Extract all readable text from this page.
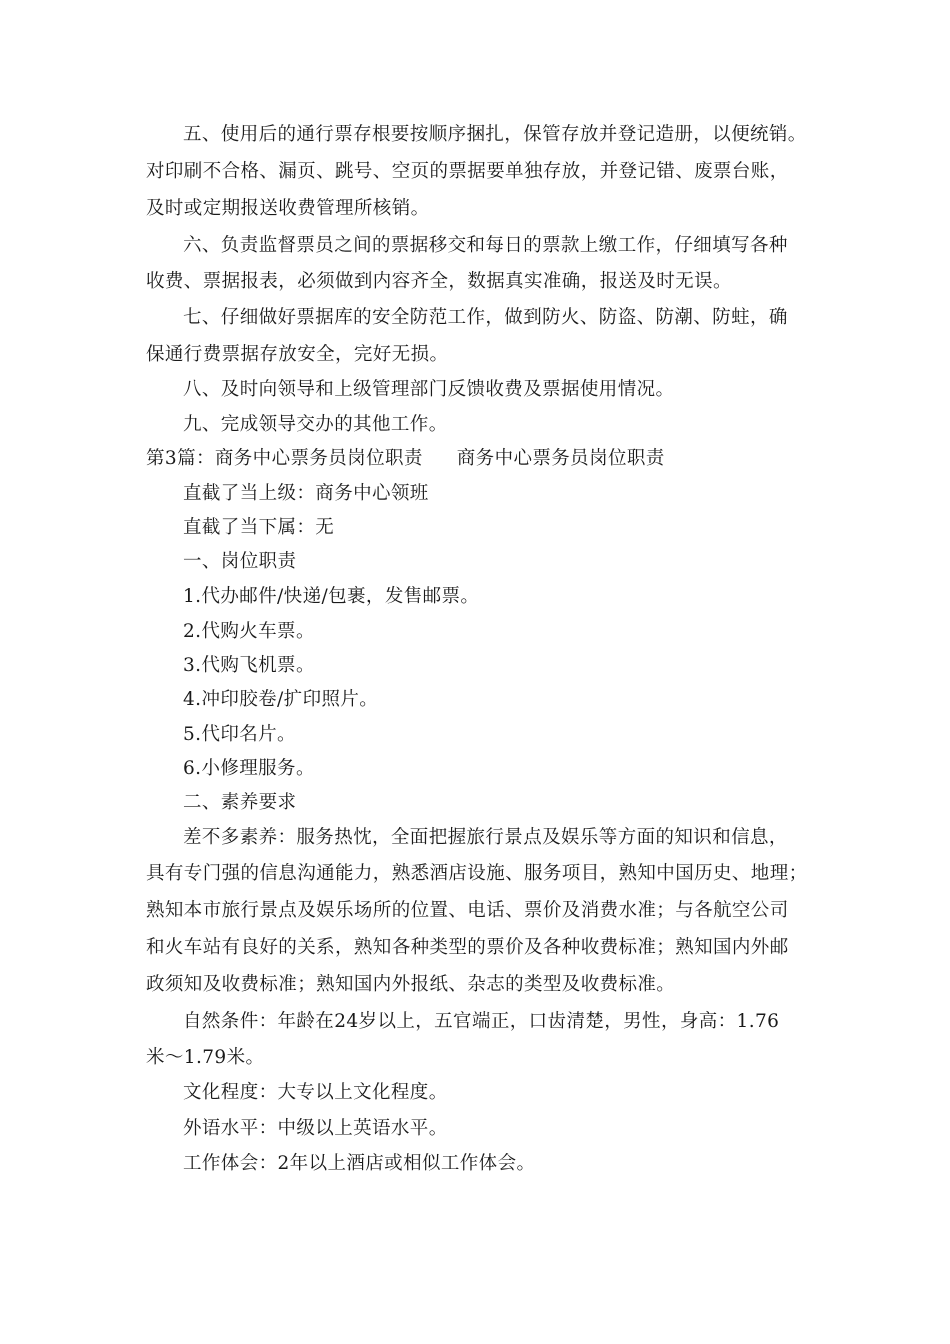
五、使用后的通行票存根要按顺序捆扎，保管存放并登记造册，以便统销。
对印刷不合格、漏页、跳号、空页的票据要单独存放，并登记错、废票台账，
及时或定期报送收费管理所核销。
六、负责监督票员之间的票据移交和每日的票款上缴工作，仔细填写各种
收费、票据报表，必须做到内容齐全，数据真实准确，报送及时无误。
七、仔细做好票据库的安全防范工作，做到防火、防盗、防潮、防蛀，确
保通行费票据存放安全，完好无损。
八、及时向领导和上级管理部门反馈收费及票据使用情况。
九、完成领导交办的其他工作。
第3篇：商务中心票务员岗位职责 商务中心票务员岗位职责
直截了当上级：商务中心领班
直截了当下属：无
一、岗位职责
1.代办邮件/快递/包裹，发售邮票。
2.代购火车票。
3.代购飞机票。
4.冲印胶卷/扩印照片。
5.代印名片。
6.小修理服务。
二、素养要求
差不多素养：服务热忱，全面把握旅行景点及娱乐等方面的知识和信息，
具有专门强的信息沟通能力，熟悉酒店设施、服务项目，熟知中国历史、地理；
熟知本市旅行景点及娱乐场所的位置、电话、票价及消费水准；与各航空公司
和火车站有良好的关系，熟知各种类型的票价及各种收费标准；熟知国内外邮
政须知及收费标准；熟知国内外报纸、杂志的类型及收费标准。
自然条件：年龄在24岁以上，五官端正，口齿清楚，男性，身高：1.76
米～1.79米。
文化程度：大专以上文化程度。
外语水平：中级以上英语水平。
工作体会：2年以上酒店或相似工作体会。
